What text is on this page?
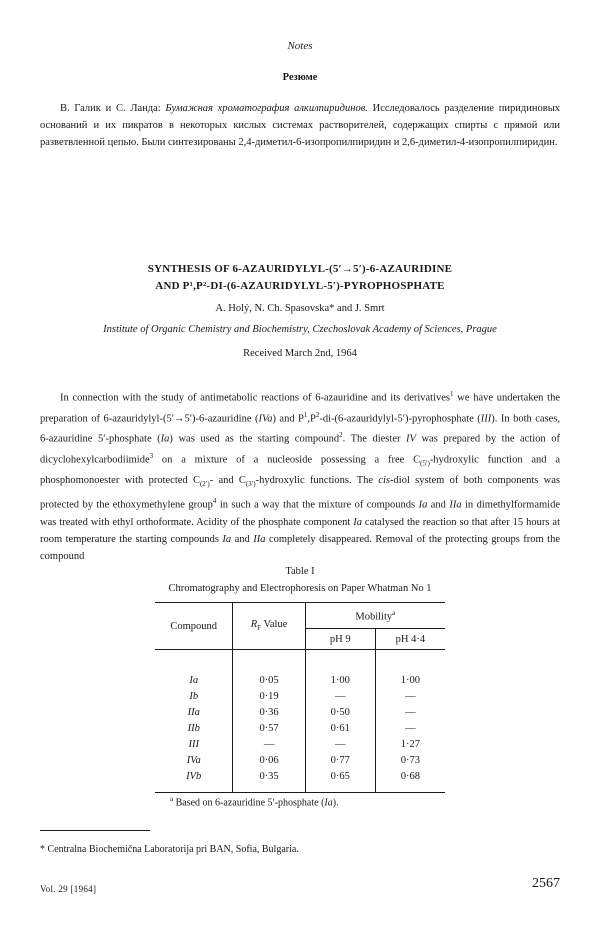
Notes
Резюме
В. Галик и С. Ланда: Бумажная хроматография алкилпиридинов. Исследовалось разделение пиридиновых оснований и их пикратов в некоторых кислых системах растворителей, содержащих спирты с прямой или разветвленной цепью. Были синтезированы 2,4-диметил-6-изопропилпиридин и 2,6-диметил-4-изопропилпиридин.
SYNTHESIS OF 6-AZAURIDYLYL-(5′→5′)-6-AZAURIDINE
AND P¹,P²-DI-(6-AZAURIDYLYL-5′)-PYROPHOSPHATE
A. Holý, N. Ch. Spasovska* and J. Smrt
Institute of Organic Chemistry and Biochemistry, Czechoslovak Academy of Sciences, Prague
Received March 2nd, 1964
In connection with the study of antimetabolic reactions of 6-azauridine and its derivatives$^1$ we have undertaken the preparation of 6-azauridylyl-(5′→5′)-6-azauridine (IVa) and $P^1,P^2-di-(6-azauridylyl-5')$-pyrophosphate (III). In both cases, 6-azauridine 5′-phosphate (Ia) was used as the starting compound$^2$. The diester IV was prepared by the action of dicyclohexylcarbodiimide$^3$ on a mixture of a nucleoside possessing a free $C_{(5')}$-hydroxylic function and a phosphomonoester with protected $C_{(2')}-$ and $C_{(3')}$-hydroxylic functions. The cis-diol system of both components was protected by the ethoxymethylene group$^4$ in such a way that the mixture of compounds Ia and IIa in dimethylformamide was treated with ethyl orthoformate. Acidity of the phosphate component Ia catalysed the reaction so that after 15 hours at room temperature the starting compounds Ia and IIa completely disappeared. Removal of the protecting groups from the compound
Table I
Chromatography and Electrophoresis on Paper Whatman No 1
Compound	$R_F$ Value	Mobility$^a$
		pH 9	pH 4·4
Ia	0·05	1·00	1·00
Ib	0·19	—	—
IIa	0·36	0·50	—
IIb	0·57	0·61	—
III	—	—	1·27
IVa	0·06	0·77	0·73
IVb	0·35	0·65	0·68
$^a$ Based on 6-azauridine 5′-phosphate (Ia).
* Centralna Biochemična Laboratorija pri BAN, Sofia, Bulgaria.
Vol. 29 [1964]	2567
